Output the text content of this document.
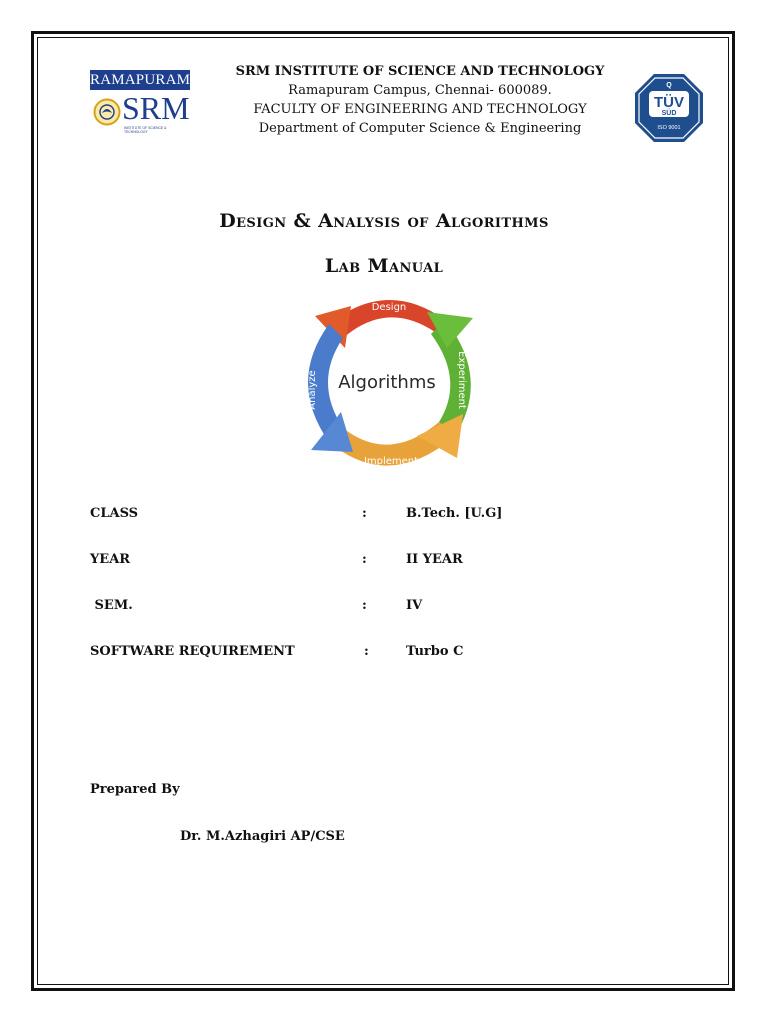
RAMAPURAM
SRM
INSTITUTE OF SCIENCE & TECHNOLOGY
SRM INSTITUTE OF SCIENCE AND TECHNOLOGY
Ramapuram Campus, Chennai- 600089.
FACULTY OF ENGINEERING AND TECHNOLOGY
Department of Computer Science & Engineering
Q
TÜV
SÜD
ISO 9001
Design & Analysis of Algorithms
Lab Manual
Algorithms
Design
Experiment
Implement
Analyze
CLASS	:	B.Tech. [U.G]
YEAR	:	II YEAR
SEM.	:	IV
SOFTWARE REQUIREMENT	:	Turbo C
Prepared By
Dr. M.Azhagiri AP/CSE
